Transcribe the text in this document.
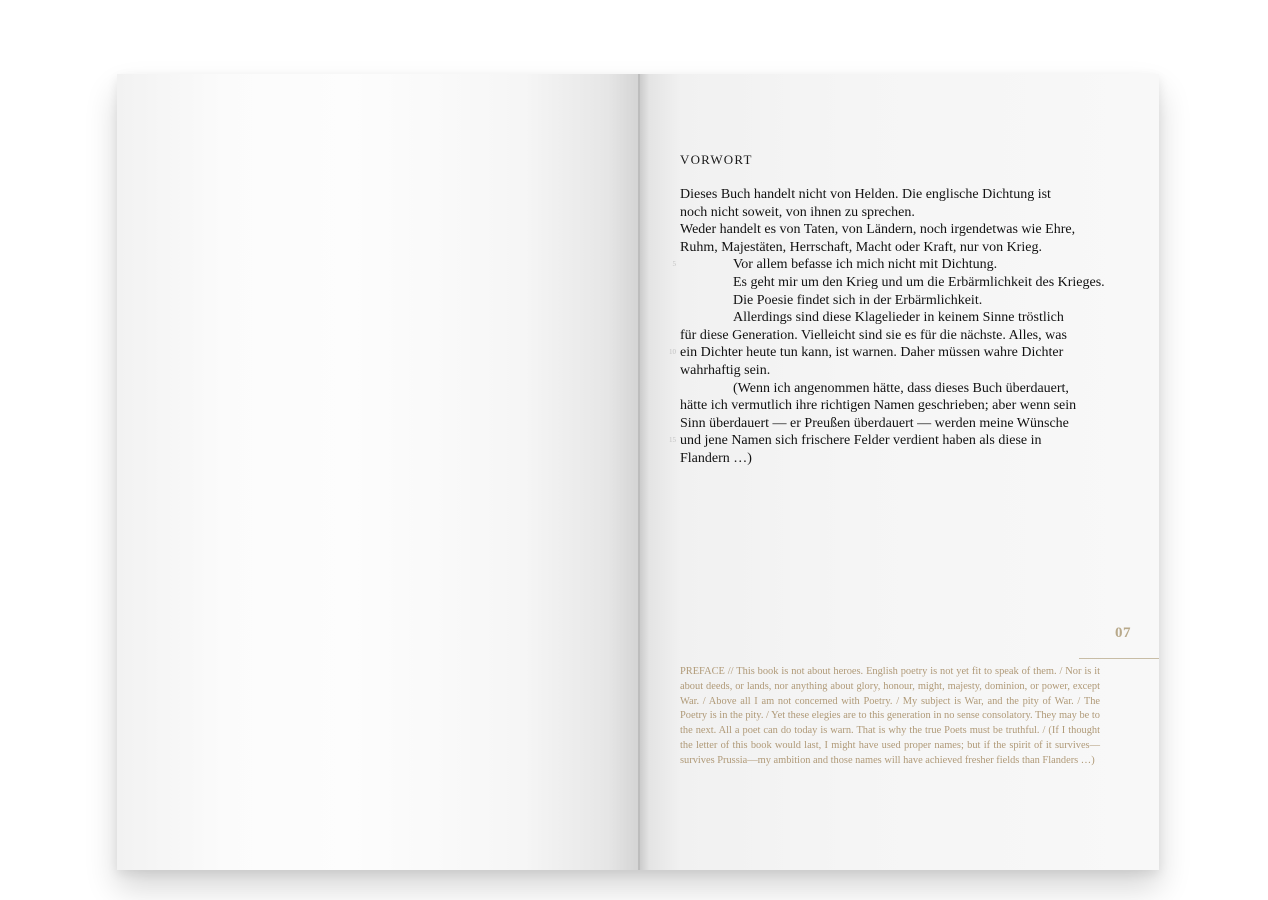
VORWORT
Dieses Buch handelt nicht von Helden. Die englische Dichtung ist
noch nicht soweit, von ihnen zu sprechen.
Weder handelt es von Taten, von Ländern, noch irgendetwas wie Ehre,
Ruhm, Majestäten, Herrschaft, Macht oder Kraft, nur von Krieg.
5	Vor allem befasse ich mich nicht mit Dichtung.
Es geht mir um den Krieg und um die Erbärmlichkeit des Krieges.
Die Poesie findet sich in der Erbärmlichkeit.
Allerdings sind diese Klagelieder in keinem Sinne tröstlich
für diese Generation. Vielleicht sind sie es für die nächste. Alles, was
10 ein Dichter heute tun kann, ist warnen. Daher müssen wahre Dichter
wahrhaftig sein.
(Wenn ich angenommen hätte, dass dieses Buch überdauert,
hätte ich vermutlich ihre richtigen Namen geschrieben; aber wenn sein
Sinn überdauert — er Preußen überdauert — werden meine Wünsche
15 und jene Namen sich frischere Felder verdient haben als diese in
Flandern …)
07

PREFACE // This book is not about heroes. English poetry is not yet fit to speak of them. / Nor is it about deeds, or lands, nor anything about glory, honour, might, majesty, dominion, or power, except War. / Above all I am not concerned with Poetry. / My subject is War, and the pity of War. / The Poetry is in the pity. / Yet these elegies are to this generation in no sense consolatory. They may be to the next. All a poet can do today is warn. That is why the true Poets must be truthful. / (If I thought the letter of this book would last, I might have used proper names; but if the spirit of it survives—survives Prussia—my ambition and those names will have achieved fresher fields than Flanders …)
